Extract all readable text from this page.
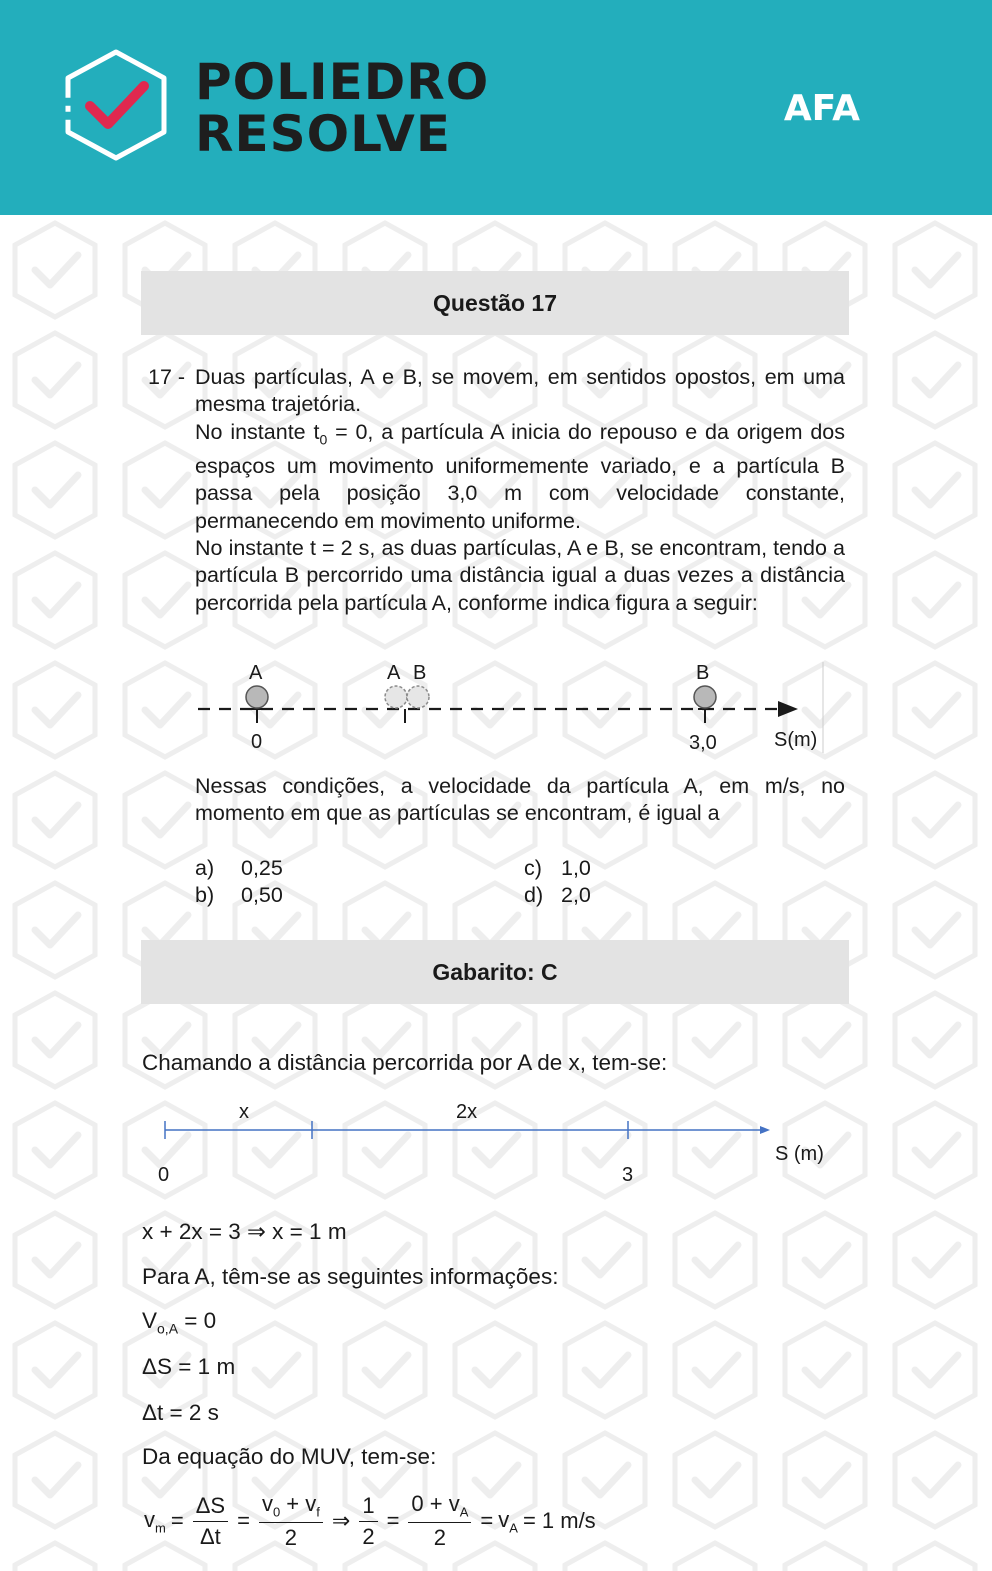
POLIEDRO
RESOLVE	AFA
Questão 17
17 - Duas partículas, A e B, se movem, em sentidos opostos, em uma mesma trajetória.

No instante $t_0 = 0$, a partícula A inicia do repouso e da origem dos espaços um movimento uniformemente variado, e a partícula B passa pela posição 3,0 m com velocidade constante, permanecendo em movimento uniforme.

No instante t = 2 s, as duas partículas, A e B, se encontram, tendo a partícula B percorrido uma distância igual a duas vezes a distância percorrida pela partícula A, conforme indica figura a seguir:

A
0
A B	B
3,0	S(m)
Nessas condições, a velocidade da partícula A, em m/s, no momento em que as partículas se encontram, é igual a
a)	0,25
b)	0,50
c) 1,0
d) 2,0
Gabarito: C
Chamando a distância percorrida por A de x, tem-se:
x	2x
0	3
S (m)
x + 2x = 3 ⇒ x = 1 m
Para A, têm-se as seguintes informações:
$V_{o,A} = 0$
ΔS = 1 m
Δt = 2 s
Da equação do MUV, tem-se:
$v_m = \frac{\Delta S}{\Delta t} = \frac{v_0 + v_f}{2}$ ⇒ $\frac{1}{2} = \frac{0 + v_A}{2} = v_A = 1$ m/s
